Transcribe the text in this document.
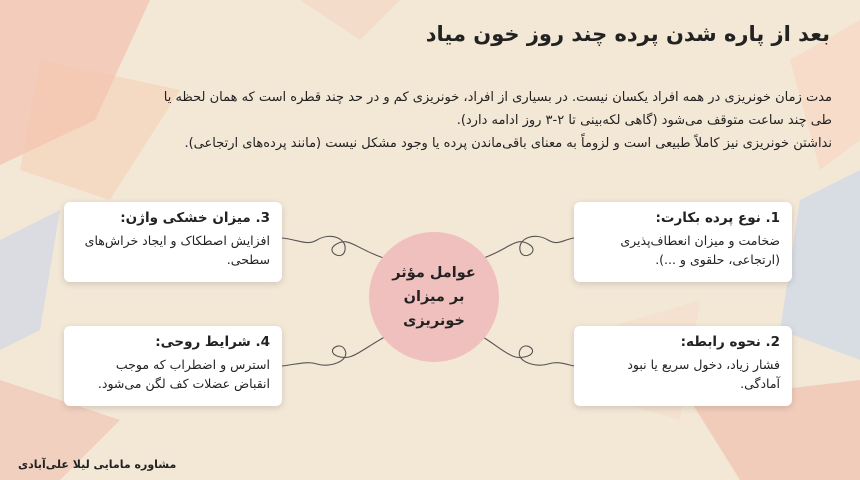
بعد از پاره شدن پرده چند روز خون میاد

مدت زمان خونریزی در همه افراد یکسان نیست. در بسیاری از افراد، خونریزی کم و در حد چند قطره است که همان لحظه یا

طی چند ساعت متوقف می‌شود (گاهی لکه‌بینی تا ۲-۳ روز ادامه دارد).

نداشتن خونریزی نیز کاملاً طبیعی است و لزوماً به معنای باقی‌ماندن پرده یا وجود مشکل نیست (مانند پرده‌های ارتجاعی).

1. نوع پرده بکارت:

ضخامت و میزان انعطاف‌پذیری (ارتجاعی، حلقوی و ...).

2. نحوه رابطه:

فشار زیاد، دخول سریع یا نبود آمادگی.

3. میزان خشکی واژن:

افزایش اصطکاک و ایجاد خراش‌های سطحی.

4. شرایط روحی:

استرس و اضطراب که موجب انقباض عضلات کف لگن می‌شود.

عوامل مؤثر بر میزان خونریزی
مشاوره مامایی لیلا علی‌آبادی
